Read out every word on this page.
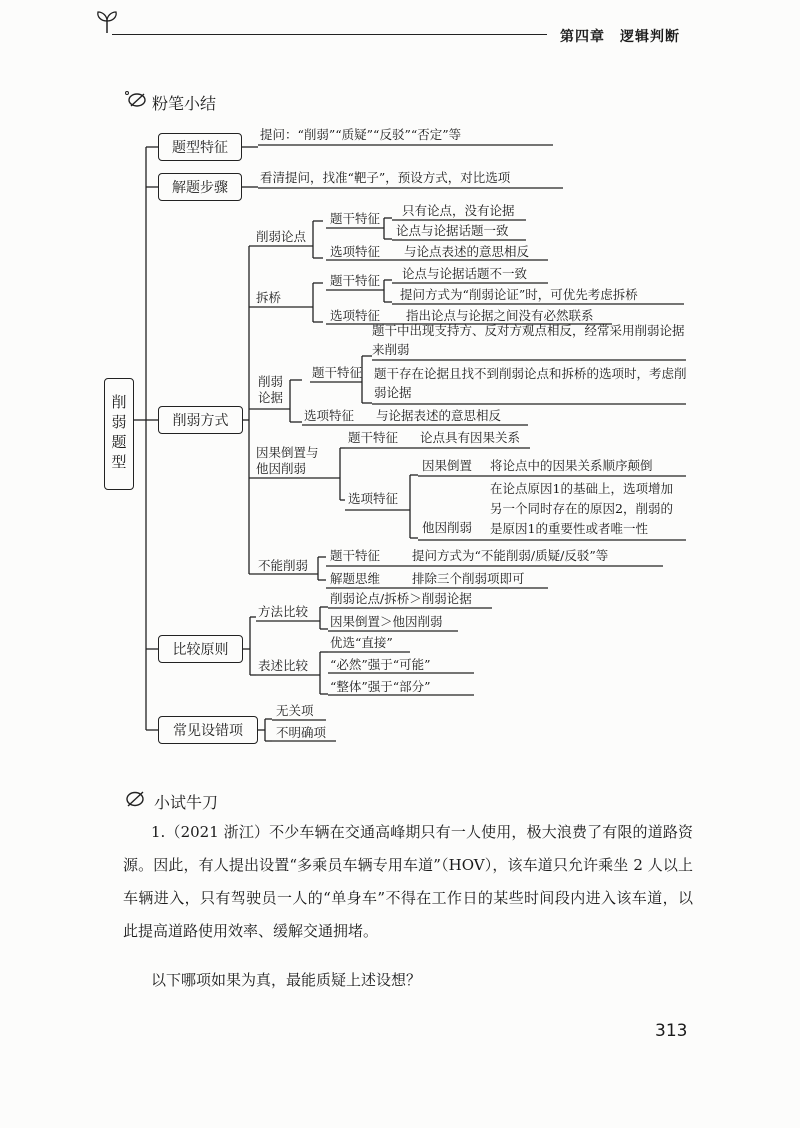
第四章 逻辑判断
粉笔小结
削弱题型
题型特征
解题步骤
削弱方式
比较原则
常见设错项
提问：“削弱”“质疑”“反驳”“否定”等
看清提问，找准“靶子”，预设方式，对比选项
削弱论点
题干特征
只有论点，没有论据
论点与论据话题一致
选项特征 与论点表述的意思相反
拆桥
题干特征 论点与论据话题不一致
提问方式为“削弱论证”时，可优先考虑拆桥
选项特征 指出论点与论据之间没有必然联系
削弱
论据
题干特征
题干中出现支持方、反对方观点相反，经常采用削弱论据来削弱
题干存在论据且找不到削弱论点和拆桥的选项时，考虑削弱论据
选项特征 与论据表述的意思相反
因果倒置与
他因削弱
题干特征 论点具有因果关系
选项特征
因果倒置 将论点中的因果关系顺序颠倒
他因削弱
在论点原因1的基础上，选项增加另一个同时存在的原因2，削弱的是原因1的重要性或者唯一性
不能削弱
题干特征	提问方式为“不能削弱/质疑/反驳”等
解题思维	排除三个削弱项即可
方法比较
削弱论点/拆桥＞削弱论据
因果倒置＞他因削弱
表述比较
优选“直接”
“必然”强于“可能”
“整体”强于“部分”
无关项
不明确项
小试牛刀
1.（2021 浙江）不少车辆在交通高峰期只有一人使用，极大浪费了有限的道路资源。因此，有人提出设置“多乘员车辆专用车道”（HOV），该车道只允许乘坐 2 人以上车辆进入，只有驾驶员一人的“单身车”不得在工作日的某些时间段内进入该车道，以此提高道路使用效率、缓解交通拥堵。
以下哪项如果为真，最能质疑上述设想？
313
